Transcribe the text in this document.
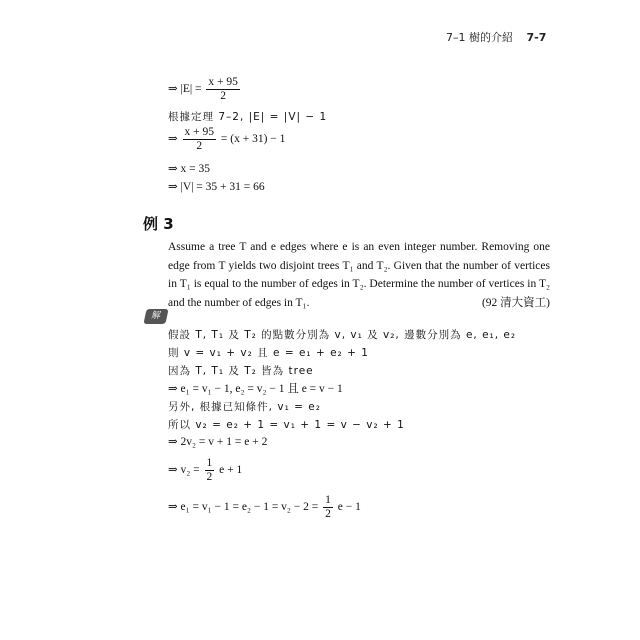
7–1 樹的介紹 7-7
⇒ $|E| = \frac{x + 95}{2}$
根據定理 7–2, |E| = |V| − 1
⇒ $\frac{x + 95}{2} = (x + 31) - 1$
⇒ x = 35
⇒ |V| = 35 + 31 = 66
例 3
Assume a tree T and e edges where e is an even integer number. Removing one edge from T yields two disjoint trees T₁ and T₂. Given that the number of vertices in T₁ is equal to the number of edges in T₂. Determine the number of vertices in T₂ and the number of edges in T₁.	(92 清大資工)
解
假設 T, T₁ 及 T₂ 的點數分別為 v, v₁ 及 v₂, 邊數分別為 e, e₁, e₂
則 v = v₁ + v₂ 且 e = e₁ + e₂ + 1
因為 T, T₁ 及 T₂ 皆為 tree
⇒ e₁ = v₁ − 1, e₂ = v₂ − 1 且 e = v − 1
另外, 根據已知條件, v₁ = e₂
所以 v₂ = e₂ + 1 = v₁ + 1 = v − v₂ + 1
⇒ 2v₂ = v + 1 = e + 2
⇒ $v_2 = \frac{1}{2}$ e + 1
⇒ $e_1 = v_1 - 1 = e_2 - 1 = v_2 - 2 = \frac{1}{2}$ e − 1
